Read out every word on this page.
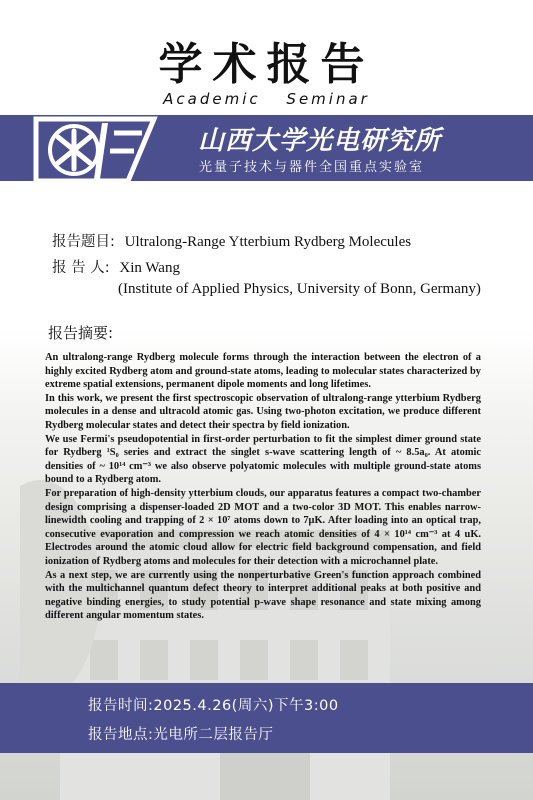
学术报告
Academic Seminar
山西大学光电研究所
光量子技术与器件全国重点实验室
报告题目: Ultralong-Range Ytterbium Rydberg Molecules
报 告 人: Xin Wang
(Institute of Applied Physics, University of Bonn, Germany)
报告摘要:

An ultralong-range Rydberg molecule forms through the interaction between the electron of a highly excited Rydberg atom and ground-state atoms, leading to molecular states characterized by extreme spatial extensions, permanent dipole moments and long lifetimes.

In this work, we present the first spectroscopic observation of ultralong-range ytterbium Rydberg molecules in a dense and ultracold atomic gas. Using two-photon excitation, we produce different Rydberg molecular states and detect their spectra by field ionization.

We use Fermi's pseudopotential in first-order perturbation to fit the simplest dimer ground state for Rydberg ¹S₀ series and extract the singlet s-wave scattering length of ~ 8.5a₀. At atomic densities of ~ 10¹⁴ cm⁻³ we also observe polyatomic molecules with multiple ground-state atoms bound to a Rydberg atom.

For preparation of high-density ytterbium clouds, our apparatus features a compact two-chamber design comprising a dispenser-loaded 2D MOT and a two-color 3D MOT. This enables narrow-linewidth cooling and trapping of 2 × 10⁷ atoms down to 7μK. After loading into an optical trap, consecutive evaporation and compression we reach atomic densities of 4 × 10¹⁴ cm⁻³ at 4 uK. Electrodes around the atomic cloud allow for electric field background compensation, and field ionization of Rydberg atoms and molecules for their detection with a microchannel plate.

As a next step, we are currently using the nonperturbative Green's function approach combined with the multichannel quantum defect theory to interpret additional peaks at both positive and negative binding energies, to study potential p-wave shape resonance and state mixing among different angular momentum states.

报告时间:2025.4.26(周六)下午3:00
报告地点:光电所二层报告厅
